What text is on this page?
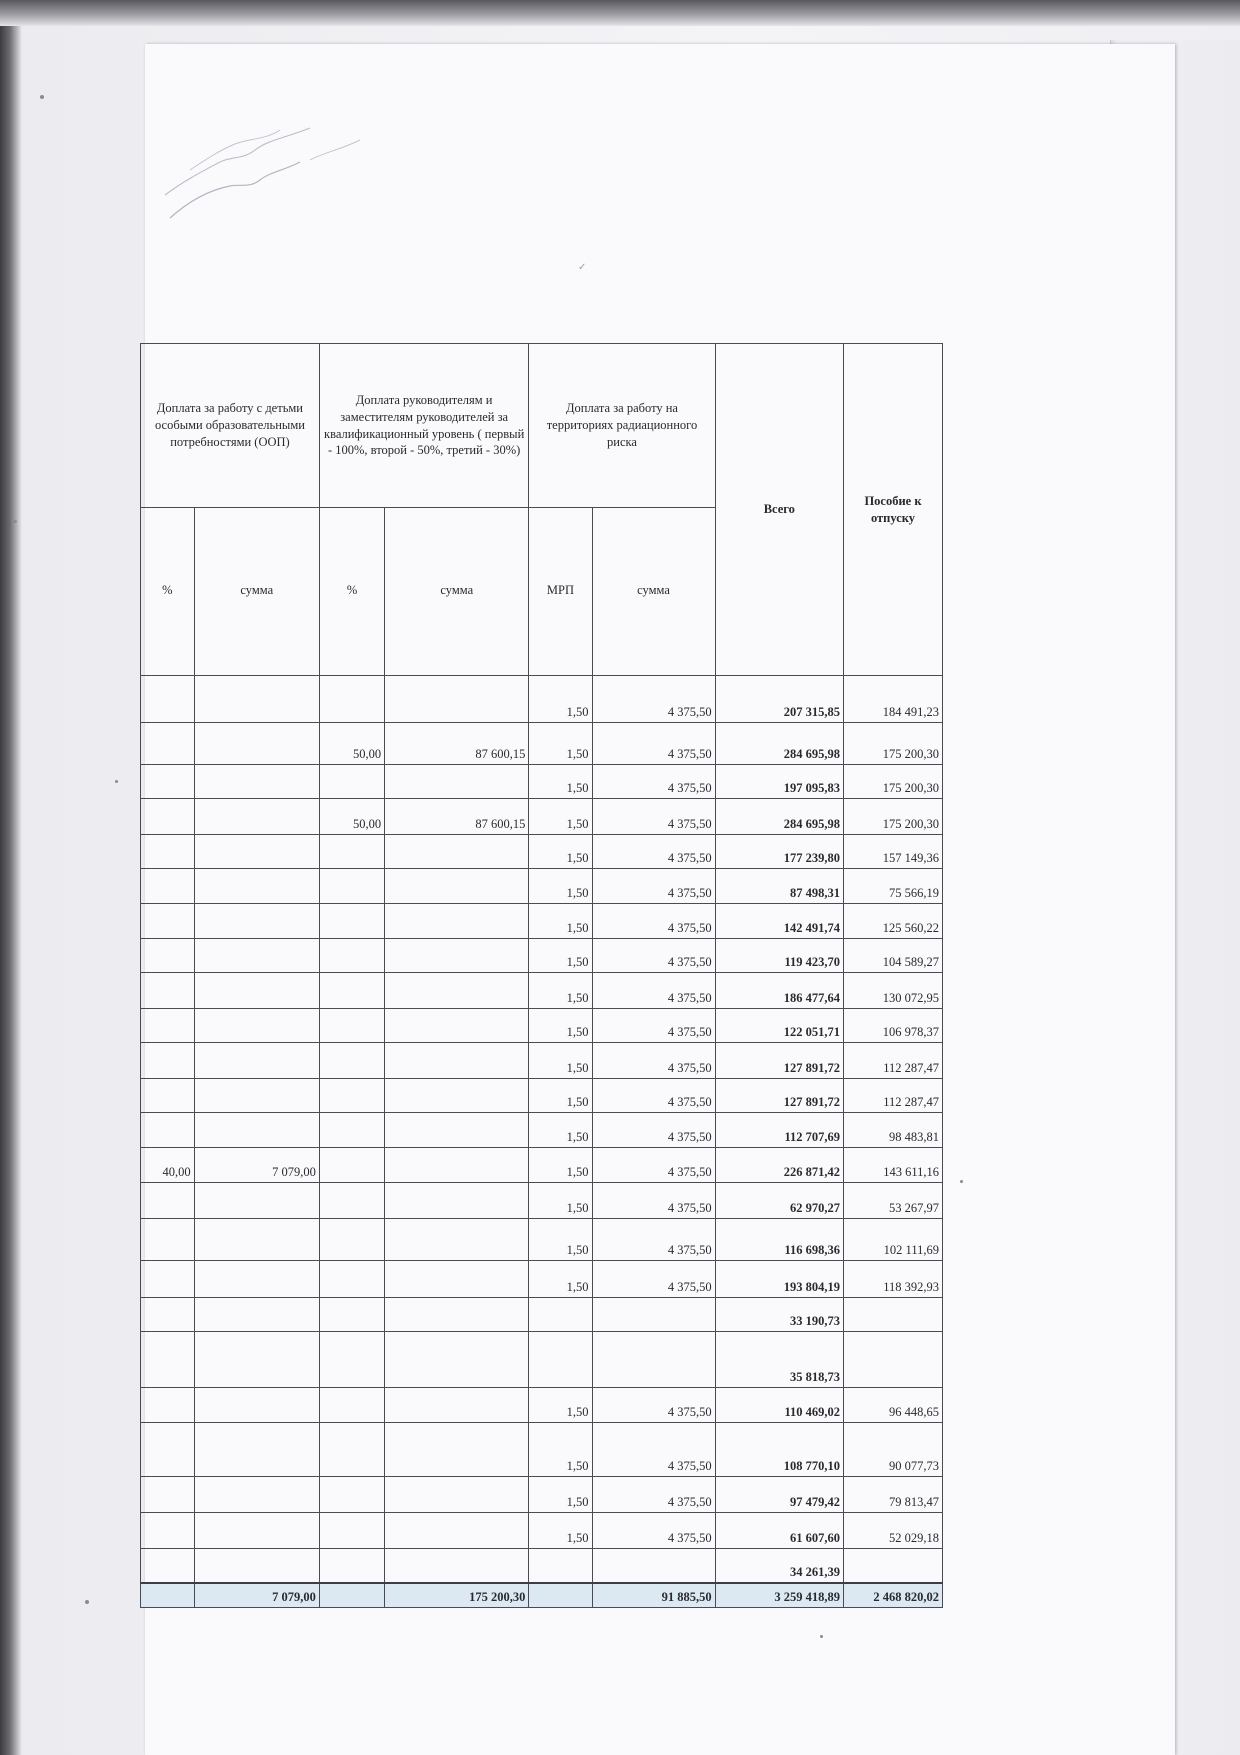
✓
Доплата за работу с детьми особыми образовательными потребностями (ООП)		Доплата руководителям и заместителям руководителей за квалификационный уровень ( первый - 100%, второй - 50%, третий - 30%)		Доплата за работу на территориях радиационного риска		Всего	Пособие к отпуску
%	сумма	%	сумма	МРП	сумма		
				1,50	4 375,50	207 315,85	184 491,23
		50,00	87 600,15	1,50	4 375,50	284 695,98	175 200,30
				1,50	4 375,50	197 095,83	175 200,30
		50,00	87 600,15	1,50	4 375,50	284 695,98	175 200,30
				1,50	4 375,50	177 239,80	157 149,36
				1,50	4 375,50	87 498,31	75 566,19
				1,50	4 375,50	142 491,74	125 560,22
				1,50	4 375,50	119 423,70	104 589,27
				1,50	4 375,50	186 477,64	130 072,95
				1,50	4 375,50	122 051,71	106 978,37
				1,50	4 375,50	127 891,72	112 287,47
				1,50	4 375,50	127 891,72	112 287,47
				1,50	4 375,50	112 707,69	98 483,81
40,00	7 079,00			1,50	4 375,50	226 871,42	143 611,16
				1,50	4 375,50	62 970,27	53 267,97
				1,50	4 375,50	116 698,36	102 111,69
				1,50	4 375,50	193 804,19	118 392,93
						33 190,73	
						35 818,73	
				1,50	4 375,50	110 469,02	96 448,65
				1,50	4 375,50	108 770,10	90 077,73
				1,50	4 375,50	97 479,42	79 813,47
				1,50	4 375,50	61 607,60	52 029,18
						34 261,39	
	7 079,00		175 200,30		91 885,50	3 259 418,89	2 468 820,02
